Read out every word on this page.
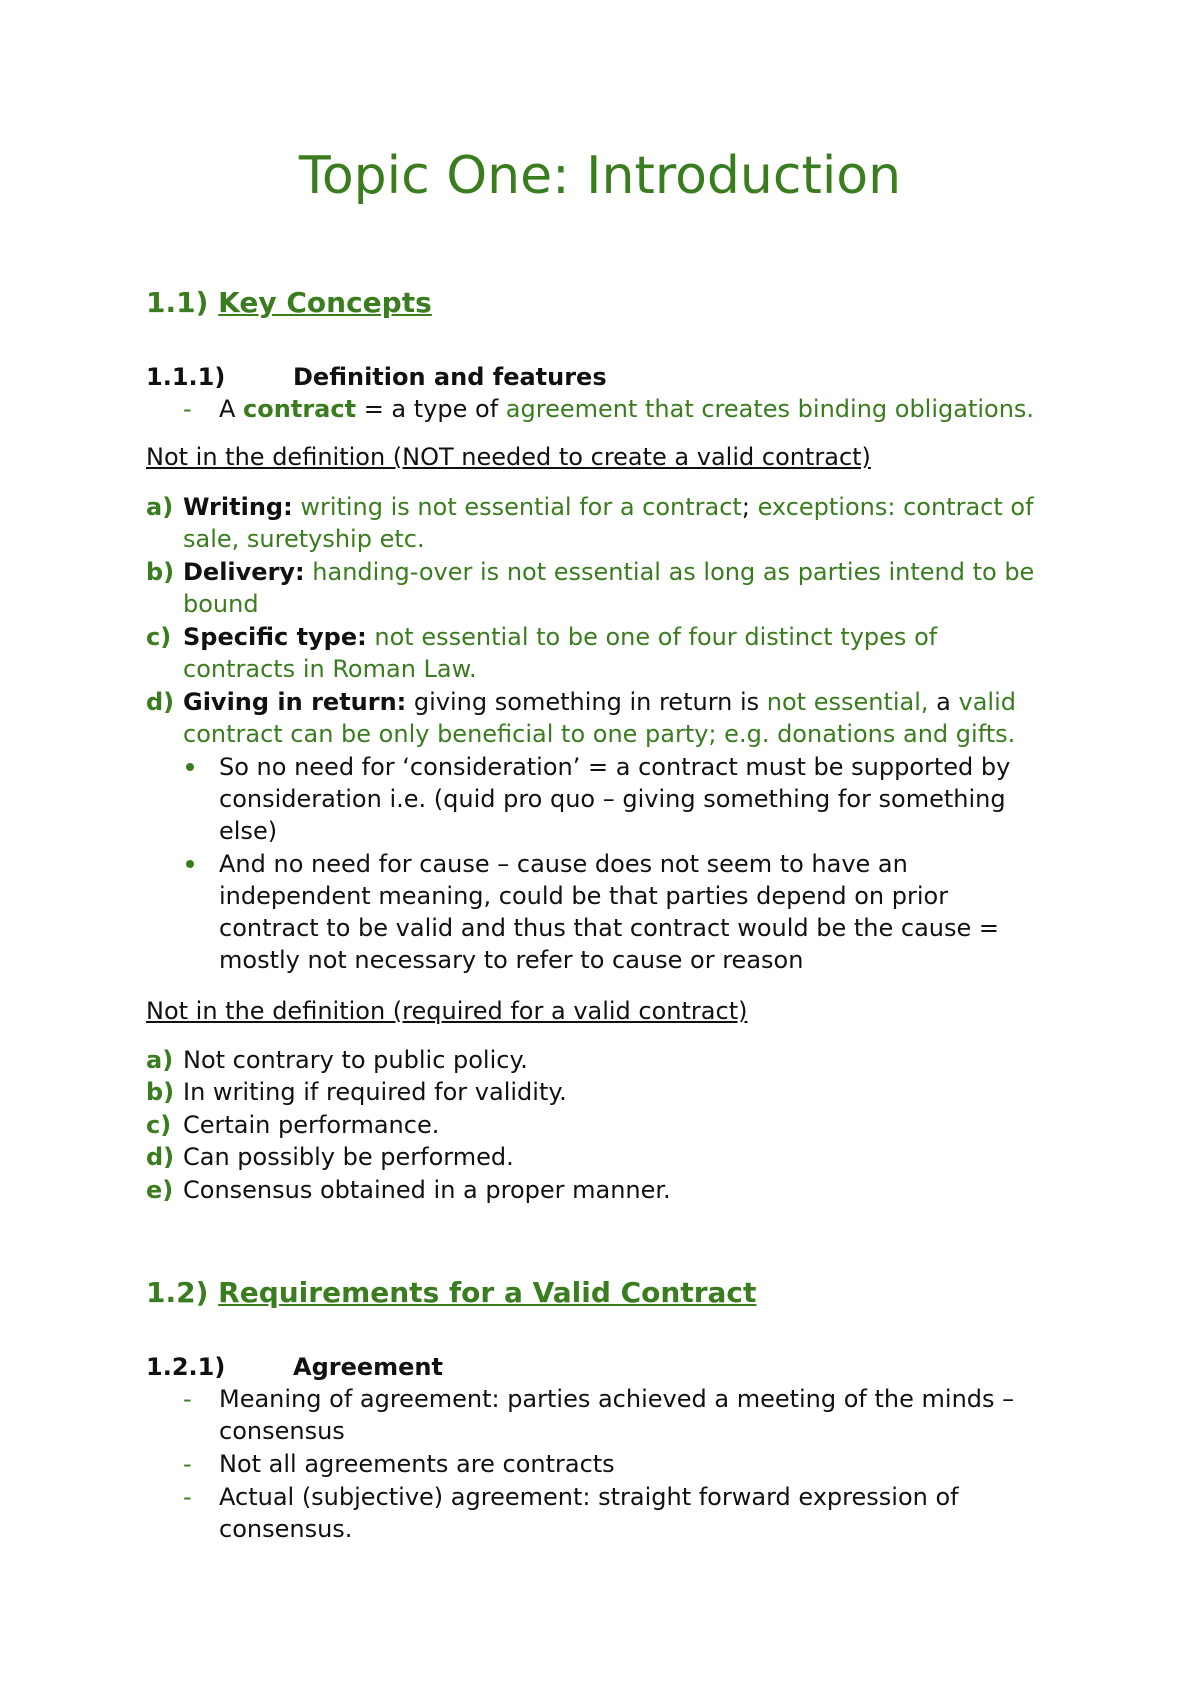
Topic One: Introduction
1.1) Key Concepts
1.1.1)	Definition and features
- A contract = a type of agreement that creates binding obligations.
Not in the definition (NOT needed to create a valid contract)
a) Writing: writing is not essential for a contract; exceptions: contract of
sale, suretyship etc.
b) Delivery: handing-over is not essential as long as parties intend to be
bound
c) Specific type: not essential to be one of four distinct types of
contracts in Roman Law.
d) Giving in return: giving something in return is not essential, a valid
contract can be only beneficial to one party; e.g. donations and gifts.
So no need for ‘consideration’ = a contract must be supported by
consideration i.e. (quid pro quo – giving something for something
else)
And no need for cause – cause does not seem to have an
independent meaning, could be that parties depend on prior
contract to be valid and thus that contract would be the cause =
mostly not necessary to refer to cause or reason
Not in the definition (required for a valid contract)
a) Not contrary to public policy.
b) In writing if required for validity.
c) Certain performance.
d) Can possibly be performed.
e) Consensus obtained in a proper manner.
1.2) Requirements for a Valid Contract
1.2.1)	Agreement
- Meaning of agreement: parties achieved a meeting of the minds –
consensus
- Not all agreements are contracts
- Actual (subjective) agreement: straight forward expression of
consensus.
